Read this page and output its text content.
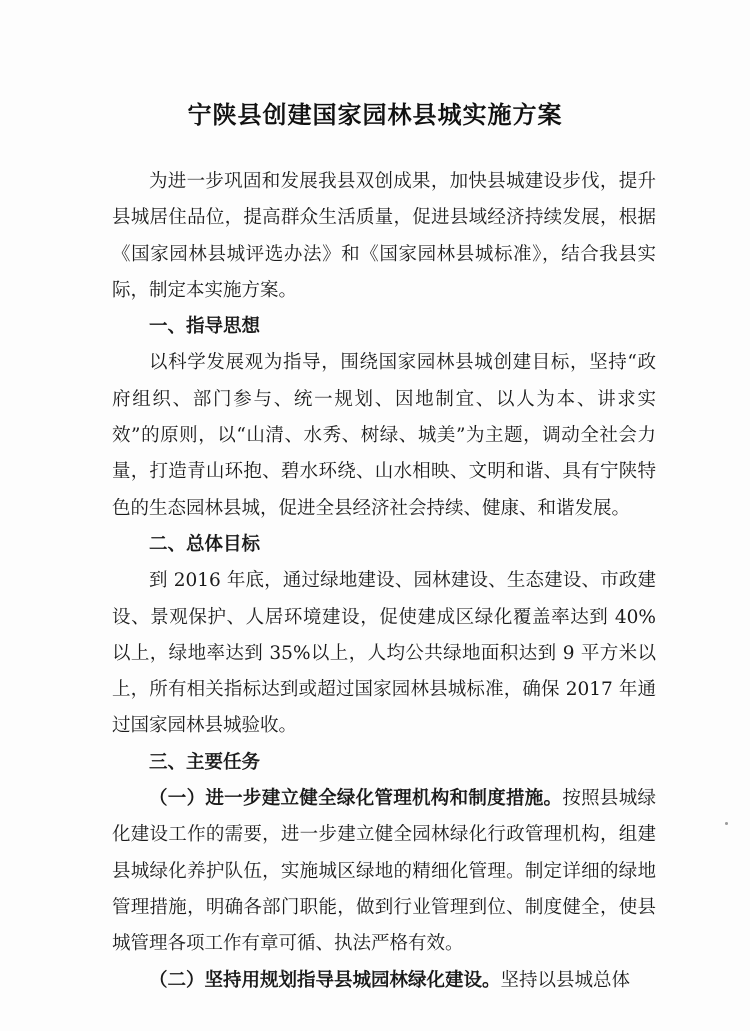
宁陕县创建国家园林县城实施方案

为进一步巩固和发展我县双创成果，加快县城建设步伐，提升县城居住品位，提高群众生活质量，促进县域经济持续发展，根据《国家园林县城评选办法》和《国家园林县城标准》，结合我县实际，制定本实施方案。

一、指导思想

以科学发展观为指导，围绕国家园林县城创建目标，坚持“政府组织、部门参与、统一规划、因地制宜、以人为本、讲求实效”的原则，以“山清、水秀、树绿、城美”为主题，调动全社会力量，打造青山环抱、碧水环绕、山水相映、文明和谐、具有宁陕特色的生态园林县城，促进全县经济社会持续、健康、和谐发展。

二、总体目标

到 2016 年底，通过绿地建设、园林建设、生态建设、市政建设、景观保护、人居环境建设，促使建成区绿化覆盖率达到 40%以上，绿地率达到 35%以上，人均公共绿地面积达到 9 平方米以上，所有相关指标达到或超过国家园林县城标准，确保 2017 年通过国家园林县城验收。

三、主要任务

（一）进一步建立健全绿化管理机构和制度措施。按照县城绿化建设工作的需要，进一步建立健全园林绿化行政管理机构，组建县城绿化养护队伍，实施城区绿地的精细化管理。制定详细的绿地管理措施，明确各部门职能，做到行业管理到位、制度健全，使县城管理各项工作有章可循、执法严格有效。

（二）坚持用规划指导县城园林绿化建设。坚持以县城总体
